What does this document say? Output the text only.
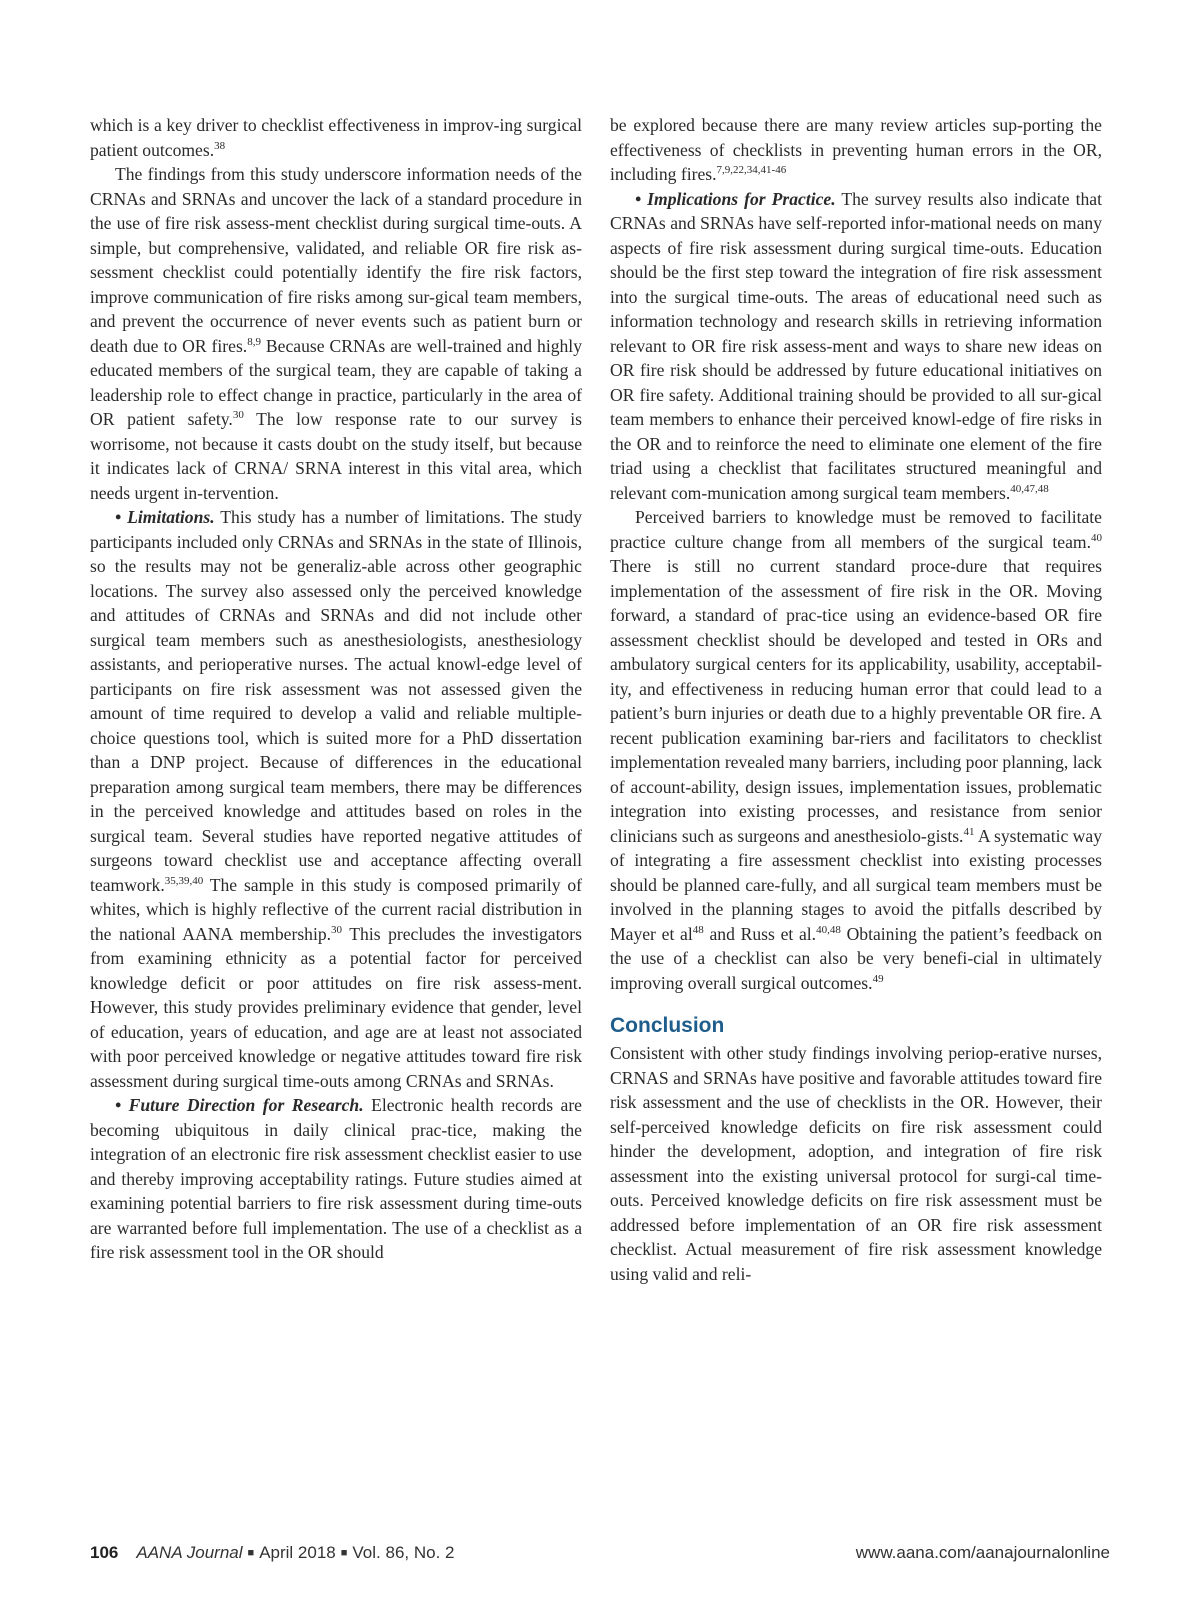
which is a key driver to checklist effectiveness in improv-ing surgical patient outcomes.$^{38}$

The findings from this study underscore information needs of the CRNAs and SRNAs and uncover the lack of a standard procedure in the use of fire risk assess-ment checklist during surgical time-outs. A simple, but comprehensive, validated, and reliable OR fire risk as-sessment checklist could potentially identify the fire risk factors, improve communication of fire risks among sur-gical team members, and prevent the occurrence of never events such as patient burn or death due to OR fires.$^{8,9}$ Because CRNAs are well-trained and highly educated members of the surgical team, they are capable of taking a leadership role to effect change in practice, particularly in the area of OR patient safety.$^{30}$ The low response rate to our survey is worrisome, not because it casts doubt on the study itself, but because it indicates lack of CRNA/ SRNA interest in this vital area, which needs urgent in-tervention.

• Limitations. This study has a number of limitations. The study participants included only CRNAs and SRNAs in the state of Illinois, so the results may not be generaliz-able across other geographic locations. The survey also assessed only the perceived knowledge and attitudes of CRNAs and SRNAs and did not include other surgical team members such as anesthesiologists, anesthesiology assistants, and perioperative nurses. The actual knowl-edge level of participants on fire risk assessment was not assessed given the amount of time required to develop a valid and reliable multiple-choice questions tool, which is suited more for a PhD dissertation than a DNP project. Because of differences in the educational preparation among surgical team members, there may be differences in the perceived knowledge and attitudes based on roles in the surgical team. Several studies have reported negative attitudes of surgeons toward checklist use and acceptance affecting overall teamwork.$^{35,39,40}$ The sample in this study is composed primarily of whites, which is highly reflective of the current racial distribution in the national AANA membership.$^{30}$ This precludes the investigators from examining ethnicity as a potential factor for perceived knowledge deficit or poor attitudes on fire risk assess-ment. However, this study provides preliminary evidence that gender, level of education, years of education, and age are at least not associated with poor perceived knowledge or negative attitudes toward fire risk assessment during surgical time-outs among CRNAs and SRNAs.

• Future Direction for Research. Electronic health records are becoming ubiquitous in daily clinical prac-tice, making the integration of an electronic fire risk assessment checklist easier to use and thereby improving acceptability ratings. Future studies aimed at examining potential barriers to fire risk assessment during time-outs are warranted before full implementation. The use of a checklist as a fire risk assessment tool in the OR should

be explored because there are many review articles sup-porting the effectiveness of checklists in preventing human errors in the OR, including fires.$^{7,9,22,34,41-46}$

• Implications for Practice. The survey results also indicate that CRNAs and SRNAs have self-reported infor-mational needs on many aspects of fire risk assessment during surgical time-outs. Education should be the first step toward the integration of fire risk assessment into the surgical time-outs. The areas of educational need such as information technology and research skills in retrieving information relevant to OR fire risk assess-ment and ways to share new ideas on OR fire risk should be addressed by future educational initiatives on OR fire safety. Additional training should be provided to all sur-gical team members to enhance their perceived knowl-edge of fire risks in the OR and to reinforce the need to eliminate one element of the fire triad using a checklist that facilitates structured meaningful and relevant com-munication among surgical team members.$^{40,47,48}$

Perceived barriers to knowledge must be removed to facilitate practice culture change from all members of the surgical team.$^{40}$ There is still no current standard proce-dure that requires implementation of the assessment of fire risk in the OR. Moving forward, a standard of prac-tice using an evidence-based OR fire assessment checklist should be developed and tested in ORs and ambulatory surgical centers for its applicability, usability, acceptabil-ity, and effectiveness in reducing human error that could lead to a patient’s burn injuries or death due to a highly preventable OR fire. A recent publication examining bar-riers and facilitators to checklist implementation revealed many barriers, including poor planning, lack of account-ability, design issues, implementation issues, problematic integration into existing processes, and resistance from senior clinicians such as surgeons and anesthesiolo-gists.$^{41}$ A systematic way of integrating a fire assessment checklist into existing processes should be planned care-fully, and all surgical team members must be involved in the planning stages to avoid the pitfalls described by Mayer et $al^{48}$ and Russ et al.$^{40,48}$ Obtaining the patient’s feedback on the use of a checklist can also be very benefi-cial in ultimately improving overall surgical outcomes.$^{49}$

Conclusion

Consistent with other study findings involving periop-erative nurses, CRNAS and SRNAs have positive and favorable attitudes toward fire risk assessment and the use of checklists in the OR. However, their self-perceived knowledge deficits on fire risk assessment could hinder the development, adoption, and integration of fire risk assessment into the existing universal protocol for surgi-cal time-outs. Perceived knowledge deficits on fire risk assessment must be addressed before implementation of an OR fire risk assessment checklist. Actual measurement of fire risk assessment knowledge using valid and reli-

106 AANA Journal ■ April 2018 ■ Vol. 86, No. 2	www.aana.com/aanajournalonline
